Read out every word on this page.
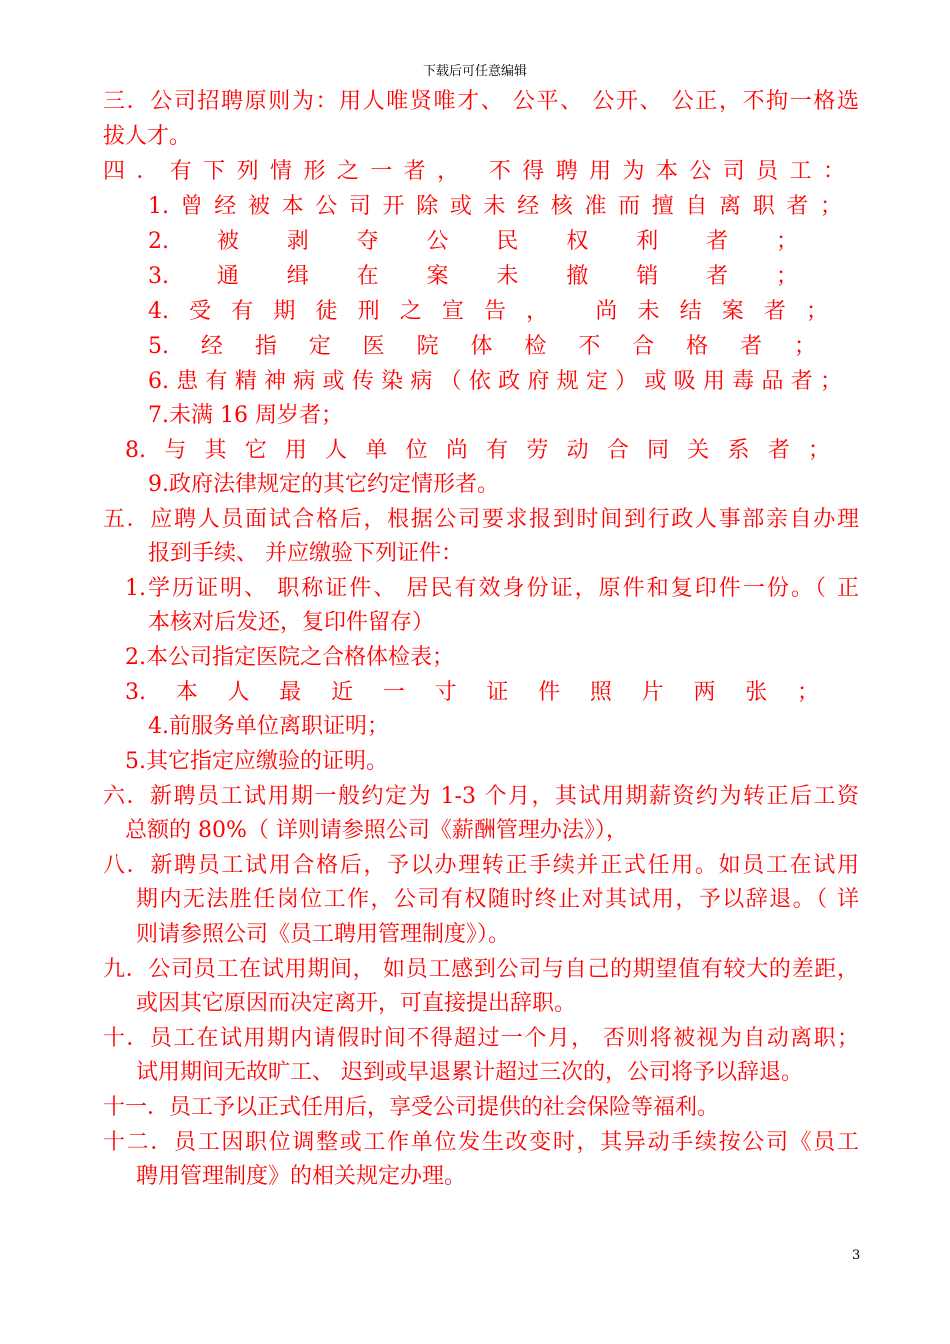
下载后可任意编辑

三．公司招聘原则为：用人唯贤唯才、 公平、 公开、 公正，不拘一格选

拔人才。

四．有下列情形之一者， 不得聘用为本公司员工：

1.曾经被本公司开除或未经核准而擅自离职者；

2.被剥夺公民权利者；

3.通缉在案未撤销者；

4.受有期徒刑之宣告， 尚未结案者；

5.经指定医院体检不合格者；

6.患有精神病或传染病（依政府规定）或吸用毒品者；

7.未满 16 周岁者；

8.与其它用人单位尚有劳动合同关系者；

9.政府法律规定的其它约定情形者。

五．应聘人员面试合格后，根据公司要求报到时间到行政人事部亲自办理

报到手续、 并应缴验下列证件：

1.学历证明、 职称证件、 居民有效身份证，原件和复印件一份。（ 正

本核对后发还，复印件留存）

2.本公司指定医院之合格体检表；

3.本人最近一寸证件照片两张；

4.前服务单位离职证明；

5.其它指定应缴验的证明。

六．新聘员工试用期一般约定为 1-3 个月，其试用期薪资约为转正后工资

总额的 80%（ 详则请参照公司《薪酬管理办法》），

八．新聘员工试用合格后，予以办理转正手续并正式任用。如员工在试用

期内无法胜任岗位工作，公司有权随时终止对其试用，予以辞退。（ 详

则请参照公司《员工聘用管理制度》）。

九．公司员工在试用期间， 如员工感到公司与自己的期望值有较大的差距，

或因其它原因而决定离开，可直接提出辞职。

十．员工在试用期内请假时间不得超过一个月， 否则将被视为自动离职；

试用期间无故旷工、 迟到或早退累计超过三次的，公司将予以辞退。

十一．员工予以正式任用后，享受公司提供的社会保险等福利。

十二．员工因职位调整或工作单位发生改变时，其异动手续按公司《员工

聘用管理制度》的相关规定办理。

3
